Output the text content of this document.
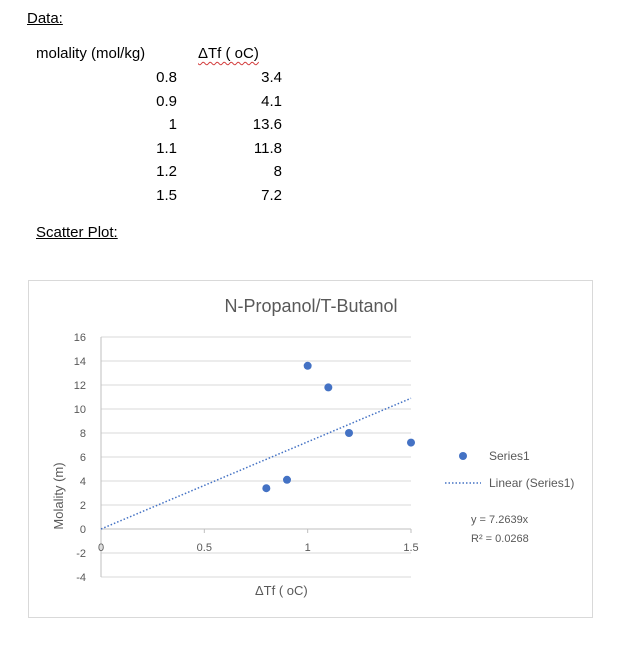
Data:
molality (mol/kg)	ΔTf ( oC)
0.8	3.4
0.9	4.1
1	13.6
1.1	11.8
1.2	8
1.5	7.2
Scatter Plot:
N-Propanol/T-Butanol
16
14
12
10
8
6
4
2
0
-2
-4
0	0.5	1	1.5
ΔTf ( oC)
Molality (m)
Series1
Linear (Series1)
y = 7.2639x
R² = 0.0268
